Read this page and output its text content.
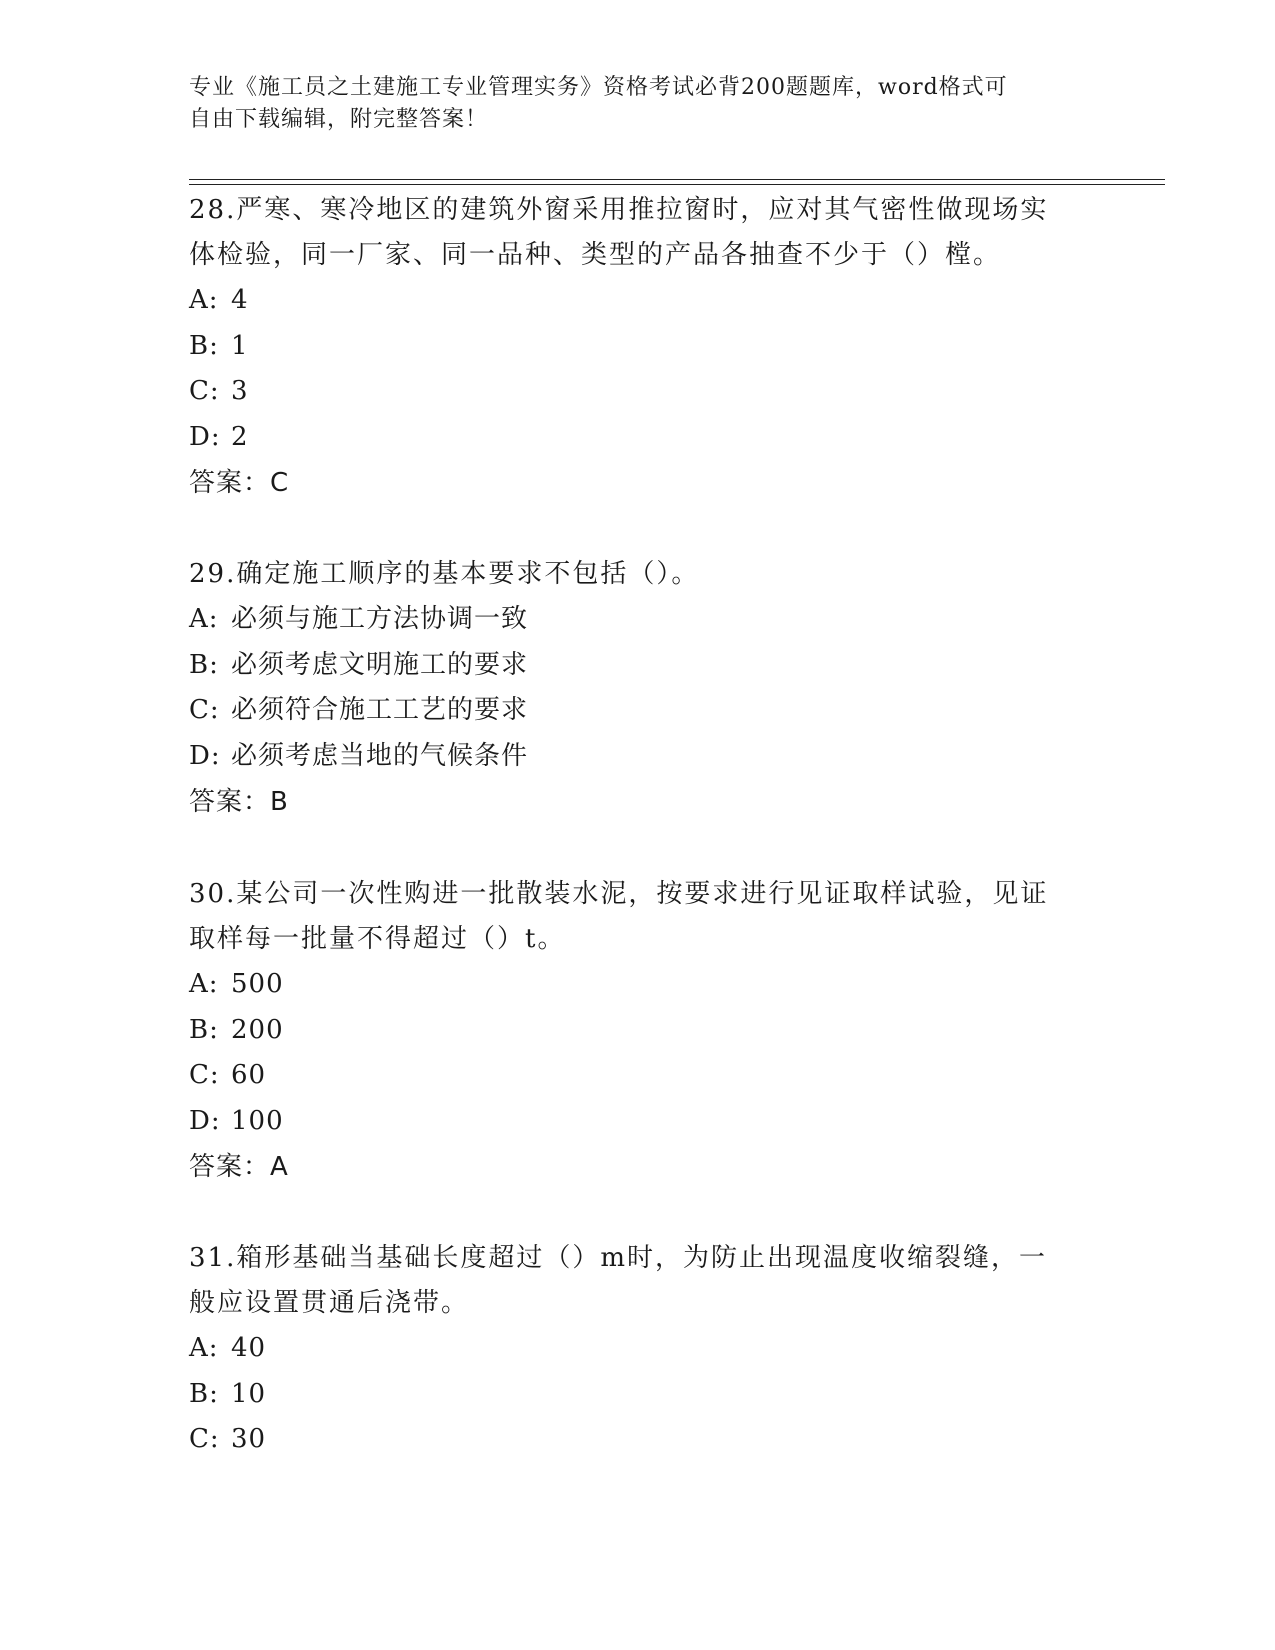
专业《施工员之土建施工专业管理实务》资格考试必背200题题库，word格式可
自由下载编辑，附完整答案！

28.严寒、寒冷地区的建筑外窗采用推拉窗时，应对其气密性做现场实

体检验，同一厂家、同一品种、类型的产品各抽查不少于（）樘。

A: 4

B: 1

C: 3

D: 2

答案：C

29.确定施工顺序的基本要求不包括（）。

A: 必须与施工方法协调一致

B: 必须考虑文明施工的要求

C: 必须符合施工工艺的要求

D: 必须考虑当地的气候条件

答案：B

30.某公司一次性购进一批散装水泥，按要求进行见证取样试验，见证

取样每一批量不得超过（）t。

A: 500

B: 200

C: 60

D: 100

答案：A

31.箱形基础当基础长度超过（）m时，为防止出现温度收缩裂缝，一

般应设置贯通后浇带。

A: 40

B: 10

C: 30
